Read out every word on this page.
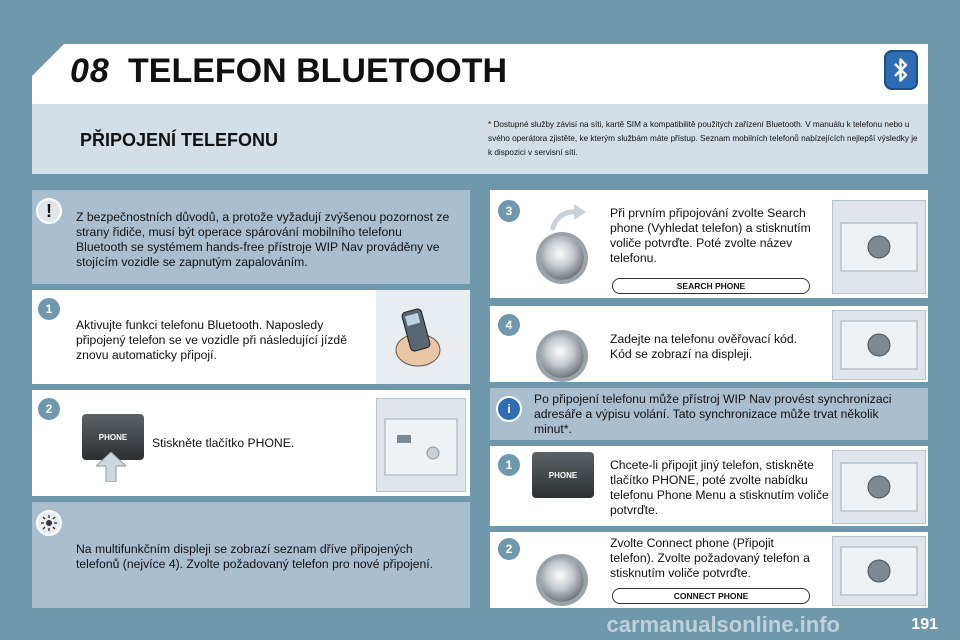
08 TELEFON BLUETOOTH
PŘIPOJENÍ TELEFONU
* Dostupné služby závisí na síti, kartě SIM a kompatibilitě použitých zařízení Bluetooth. V manuálu k telefonu nebo u svého operátora zjistěte, ke kterým službám máte přístup. Seznam mobilních telefonů nabízejících nejlepší výsledky je k dispozici v servisní síti.
!	Z bezpečnostních důvodů, a protože vyžadují zvýšenou pozornost ze strany řidiče, musí být operace spárování mobilního telefonu Bluetooth se systémem hands-free přístroje WIP Nav prováděny ve stojícím vozidle se zapnutým zapalováním.
1
Aktivujte funkci telefonu Bluetooth. Naposledy připojený telefon se ve vozidle při následující jízdě znovu automaticky připojí.
2
PHONE	Stiskněte tlačítko PHONE.
Na multifunkčním displeji se zobrazí seznam dříve připojených telefonů (nejvíce 4). Zvolte požadovaný telefon pro nové připojení.
3	Při prvním připojování zvolte Search phone (Vyhledat telefon) a stisknutím voliče potvrďte. Poté zvolte název telefonu.
SEARCH PHONE
4
Zadejte na telefonu ověřovací kód. Kód se zobrazí na displeji.
i
Po připojení telefonu může přístroj WIP Nav provést synchronizaci adresáře a výpisu volání. Tato synchronizace může trvat několik minut*.
1
PHONE
Chcete-li připojit jiný telefon, stiskněte tlačítko PHONE, poté zvolte nabídku telefonu Phone Menu a stisknutím voliče potvrďte.
2	Zvolte Connect phone (Připojit telefon). Zvolte požadovaný telefon a stisknutím voliče potvrďte.
CONNECT PHONE
191
carmanualsonline.info
